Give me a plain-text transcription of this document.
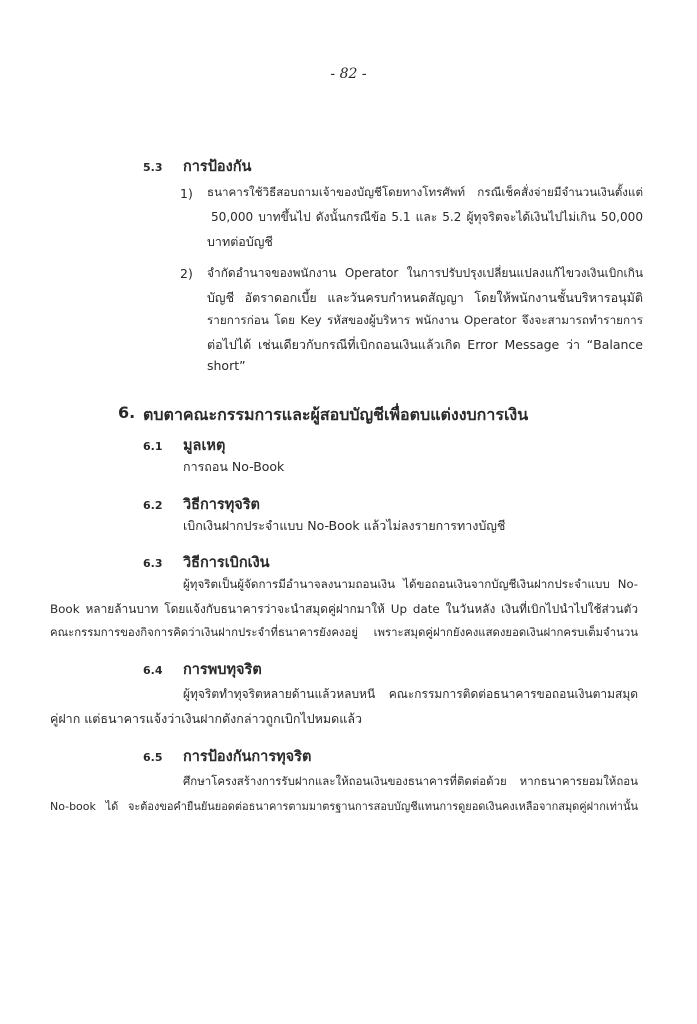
- 82 -
5.3 การป้องกัน
1) ธนาคารใช้วิธีสอบถามเจ้าของบัญชีโดยทางโทรศัพท์ กรณีเช็คสั่งจ่ายมีจำนวนเงินตั้งแต่
50,000 บาทขึ้นไป ดังนั้นกรณีข้อ 5.1 และ 5.2 ผู้ทุจริตจะได้เงินไปไม่เกิน 50,000
บาทต่อบัญชี
2) จำกัดอำนาจของพนักงาน Operator ในการปรับปรุงเปลี่ยนแปลงแก้ไขวงเงินเบิกเกิน
บัญชี อัตราดอกเบี้ย และวันครบกำหนดสัญญา โดยให้พนักงานชั้นบริหารอนุมัติ
รายการก่อน โดย Key รหัสของผู้บริหาร พนักงาน Operator จึงจะสามารถทำรายการ
ต่อไปได้ เช่นเดียวกับกรณีที่เบิกถอนเงินแล้วเกิด Error Message ว่า “Balance
short”
6. ตบตาคณะกรรมการและผู้สอบบัญชีเพื่อตบแต่งงบการเงิน
6.1 มูลเหตุ
การถอน No-Book
6.2 วิธีการทุจริต
เบิกเงินฝากประจำแบบ No-Book แล้วไม่ลงรายการทางบัญชี
6.3 วิธีการเบิกเงิน
ผู้ทุจริตเป็นผู้จัดการมีอำนาจลงนามถอนเงิน ได้ขอถอนเงินจากบัญชีเงินฝากประจำแบบ No-
Book หลายล้านบาท โดยแจ้งกับธนาคารว่าจะนำสมุดคู่ฝากมาให้ Up date ในวันหลัง เงินที่เบิกไปนำไปใช้ส่วนตัว
คณะกรรมการของกิจการคิดว่าเงินฝากประจำที่ธนาคารยังคงอยู่ เพราะสมุดคู่ฝากยังคงแสดงยอดเงินฝากครบเต็มจำนวน
6.4 การพบทุจริต
ผู้ทุจริตทำทุจริตหลายด้านแล้วหลบหนี คณะกรรมการติดต่อธนาคารขอถอนเงินตามสมุด
คู่ฝาก แต่ธนาคารแจ้งว่าเงินฝากดังกล่าวถูกเบิกไปหมดแล้ว
6.5 การป้องกันการทุจริต
ศึกษาโครงสร้างการรับฝากและให้ถอนเงินของธนาคารที่ติดต่อด้วย หากธนาคารยอมให้ถอน
No-book ได้ จะต้องขอคำยืนยันยอดต่อธนาคารตามมาตรฐานการสอบบัญชีแทนการดูยอดเงินคงเหลือจากสมุดคู่ฝากเท่านั้น
